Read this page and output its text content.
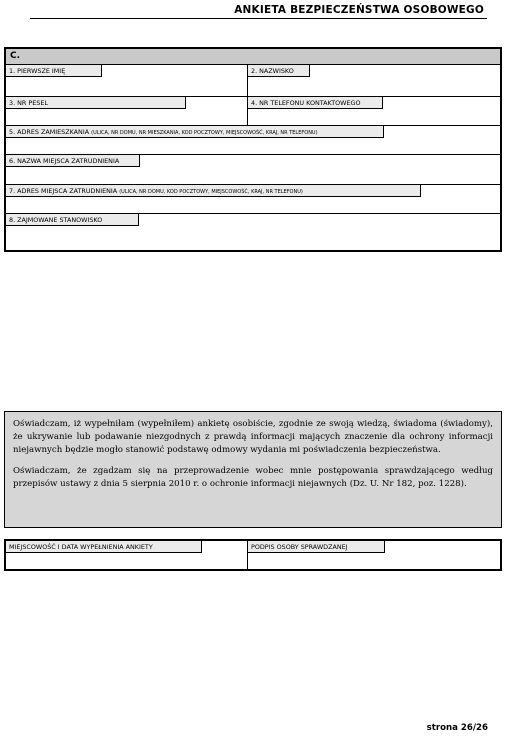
ANKIETA BEZPIECZEŃSTWA OSOBOWEGO
C.
1. PIERWSZE IMIĘ	2. NAZWISKO
3. NR PESEL	4. NR TELEFONU KONTAKTOWEGO
5. ADRES ZAMIESZKANIA (ULICA, NR DOMU, NR MIESZKANIA, KOD POCZTOWY, MIEJSCOWOŚĆ, KRAJ, NR TELEFONU)
6. NAZWA MIEJSCA ZATRUDNIENIA
7. ADRES MIEJSCA ZATRUDNIENIA (ULICA, NR DOMU, KOD POCZTOWY, MIEJSCOWOŚĆ, KRAJ, NR TELEFONU)
8. ZAJMOWANE STANOWISKO

Oświadczam, iż wypełniłam (wypełniłem) ankietę osobiście, zgodnie ze swoją wiedzą, świadoma (świadomy), że ukrywanie lub podawanie niezgodnych z prawdą informacji mających znaczenie dla ochrony informacji niejawnych będzie mogło stanowić podstawę odmowy wydania mi poświadczenia bezpieczeństwa.

Oświadczam, że zgadzam się na przeprowadzenie wobec mnie postępowania sprawdzającego według przepisów ustawy z dnia 5 sierpnia 2010 r. o ochronie informacji niejawnych (Dz. U. Nr 182, poz. 1228).

MIEJSCOWOŚĆ I DATA WYPEŁNIENIA ANKIETY	PODPIS OSOBY SPRAWDZANEJ
strona 26/26
